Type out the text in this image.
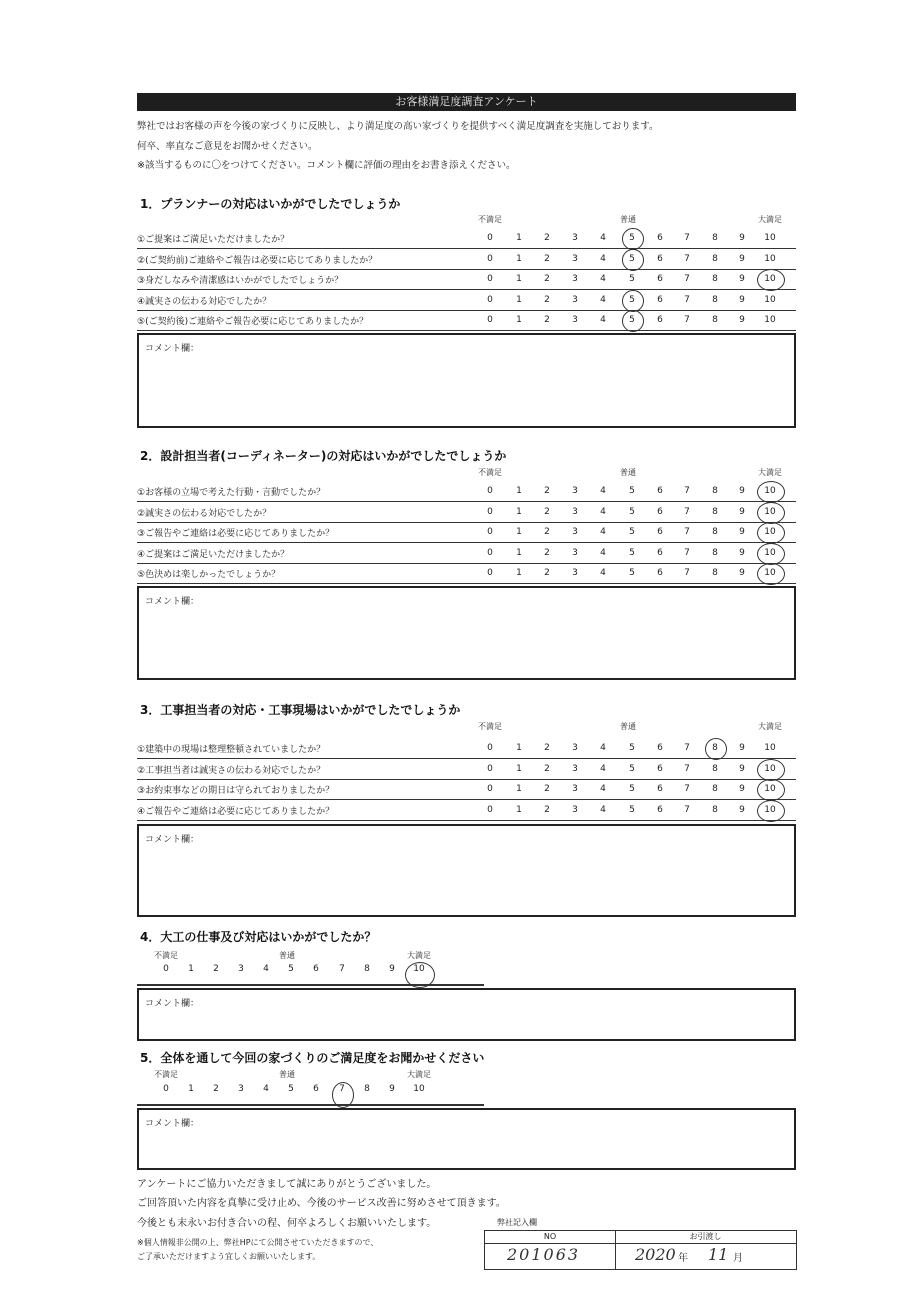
お客様満足度調査アンケート
弊社ではお客様の声を今後の家づくりに反映し、より満足度の高い家づくりを提供すべく満足度調査を実施しております。
何卒、率直なご意見をお聞かせください。
※該当するものに〇をつけてください。コメント欄に評価の理由をお書き添えください。
1．プランナーの対応はいかがでしたでしょうか
不満足	普通	大満足
①ご提案はご満足いただけましたか？	0	1	2	3	4	5	6	7	8	9	10
②(ご契約前)ご連絡やご報告は必要に応じてありましたか？	0	1	2	3	4	5	6	7	8	9	10
③身だしなみや清潔感はいかがでしたでしょうか？	0	1	2	3	4	5	6	7	8	9	10
④誠実さの伝わる対応でしたか？	0	1	2	3	4	5	6	7	8	9	10
⑤(ご契約後)ご連絡やご報告必要に応じてありましたか？	0	1	2	3	4	5	6	7	8	9	10
コメント欄：
2．設計担当者(コーディネーター)の対応はいかがでしたでしょうか
不満足	普通	大満足
①お客様の立場で考えた行動・言動でしたか？	0	1	2	3	4	5	6	7	8	9	10
②誠実さの伝わる対応でしたか？	0	1	2	3	4	5	6	7	8	9	10
③ご報告やご連絡は必要に応じてありましたか？	0	1	2	3	4	5	6	7	8	9	10
④ご提案はご満足いただけましたか？	0	1	2	3	4	5	6	7	8	9	10
⑤色決めは楽しかったでしょうか？	0	1	2	3	4	5	6	7	8	9	10
コメント欄：
3．工事担当者の対応・工事現場はいかがでしたでしょうか
不満足	普通	大満足
①建築中の現場は整理整頓されていましたか？	0	1	2	3	4	5	6	7	8	9	10
②工事担当者は誠実さの伝わる対応でしたか？	0	1	2	3	4	5	6	7	8	9	10
③お約束事などの期日は守られておりましたか？	0	1	2	3	4	5	6	7	8	9	10
④ご報告やご連絡は必要に応じてありましたか？	0	1	2	3	4	5	6	7	8	9	10
コメント欄：
4．大工の仕事及び対応はいかがでしたか？
不満足	普通	大満足
0	1	2	3	4	5	6	7	8	9	10
コメント欄：
5．全体を通して今回の家づくりのご満足度をお聞かせください
不満足	普通	大満足
0	1	2	3	4	5	6	7	8	9	10
コメント欄：
アンケートにご協力いただきまして誠にありがとうございました。
ご回答頂いた内容を真摯に受け止め、今後のサービス改善に努めさせて頂きます。
今後とも末永いお付き合いの程、何卒よろしくお願いいたします。
※個人情報非公開の上、弊社HPにて公開させていただきますので、
ご了承いただけますよう宜しくお願いいたします。
弊社記入欄
NO	お引渡し
201063	2020 年 11 月
